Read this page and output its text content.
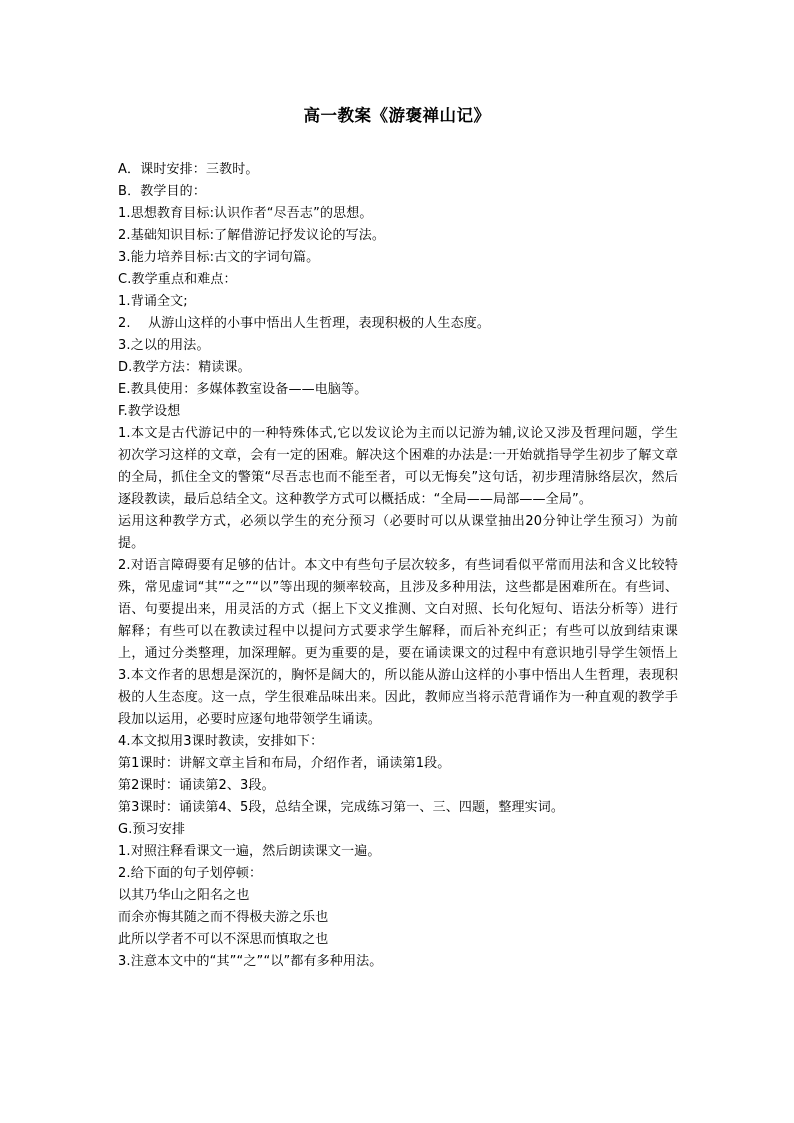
高一教案《游褒禅山记》
A．课时安排：三教时。
B．教学目的：
1.思想教育目标:认识作者“尽吾志”的思想。
2.基础知识目标:了解借游记抒发议论的写法。
3.能力培养目标:古文的字词句篇。
C.教学重点和难点：
1.背诵全文;
2.　 从游山这样的小事中悟出人生哲理，表现积极的人生态度。
3.之以的用法。
D.教学方法：精读课。
E.教具使用：多媒体教室设备——电脑等。
F.教学设想
1.本文是古代游记中的一种特殊体式,它以发议论为主而以记游为辅,议论又涉及哲理问题，学生初次学习这样的文章，会有一定的困难。解决这个困难的办法是:一开始就指导学生初步了解文章的全局，抓住全文的警策“尽吾志也而不能至者，可以无悔矣”这句话，初步理清脉络层次，然后逐段教读，最后总结全文。这种教学方式可以概括成：“全局——局部——全局”。
运用这种教学方式，必须以学生的充分预习（必要时可以从课堂抽出20分钟让学生预习）为前提。
2.对语言障碍要有足够的估计。本文中有些句子层次较多，有些词看似平常而用法和含义比较特殊，常见虚词“其”“之”“以”等出现的频率较高，且涉及多种用法，这些都是困难所在。有些词、语、句要提出来，用灵活的方式（据上下文义推测、文白对照、长句化短句、语法分析等）进行解释；有些可以在教读过程中以提问方式要求学生解释，而后补充纠正；有些可以放到结束课上，通过分类整理，加深理解。更为重要的是，要在诵读课文的过程中有意识地引导学生领悟上
3.本文作者的思想是深沉的，胸怀是阔大的，所以能从游山这样的小事中悟出人生哲理，表现积极的人生态度。这一点，学生很难品味出来。因此，教师应当将示范背诵作为一种直观的教学手段加以运用，必要时应逐句地带领学生诵读。
4.本文拟用3课时教读，安排如下：
第1课时：讲解文章主旨和布局，介绍作者，诵读第1段。
第2课时：诵读第2、3段。
第3课时：诵读第4、5段，总结全课，完成练习第一、三、四题，整理实词。
G.预习安排
1.对照注释看课文一遍，然后朗读课文一遍。
2.给下面的句子划停顿：
以其乃华山之阳名之也
而余亦悔其随之而不得极夫游之乐也
此所以学者不可以不深思而慎取之也
3.注意本文中的“其”“之”“以”都有多种用法。
